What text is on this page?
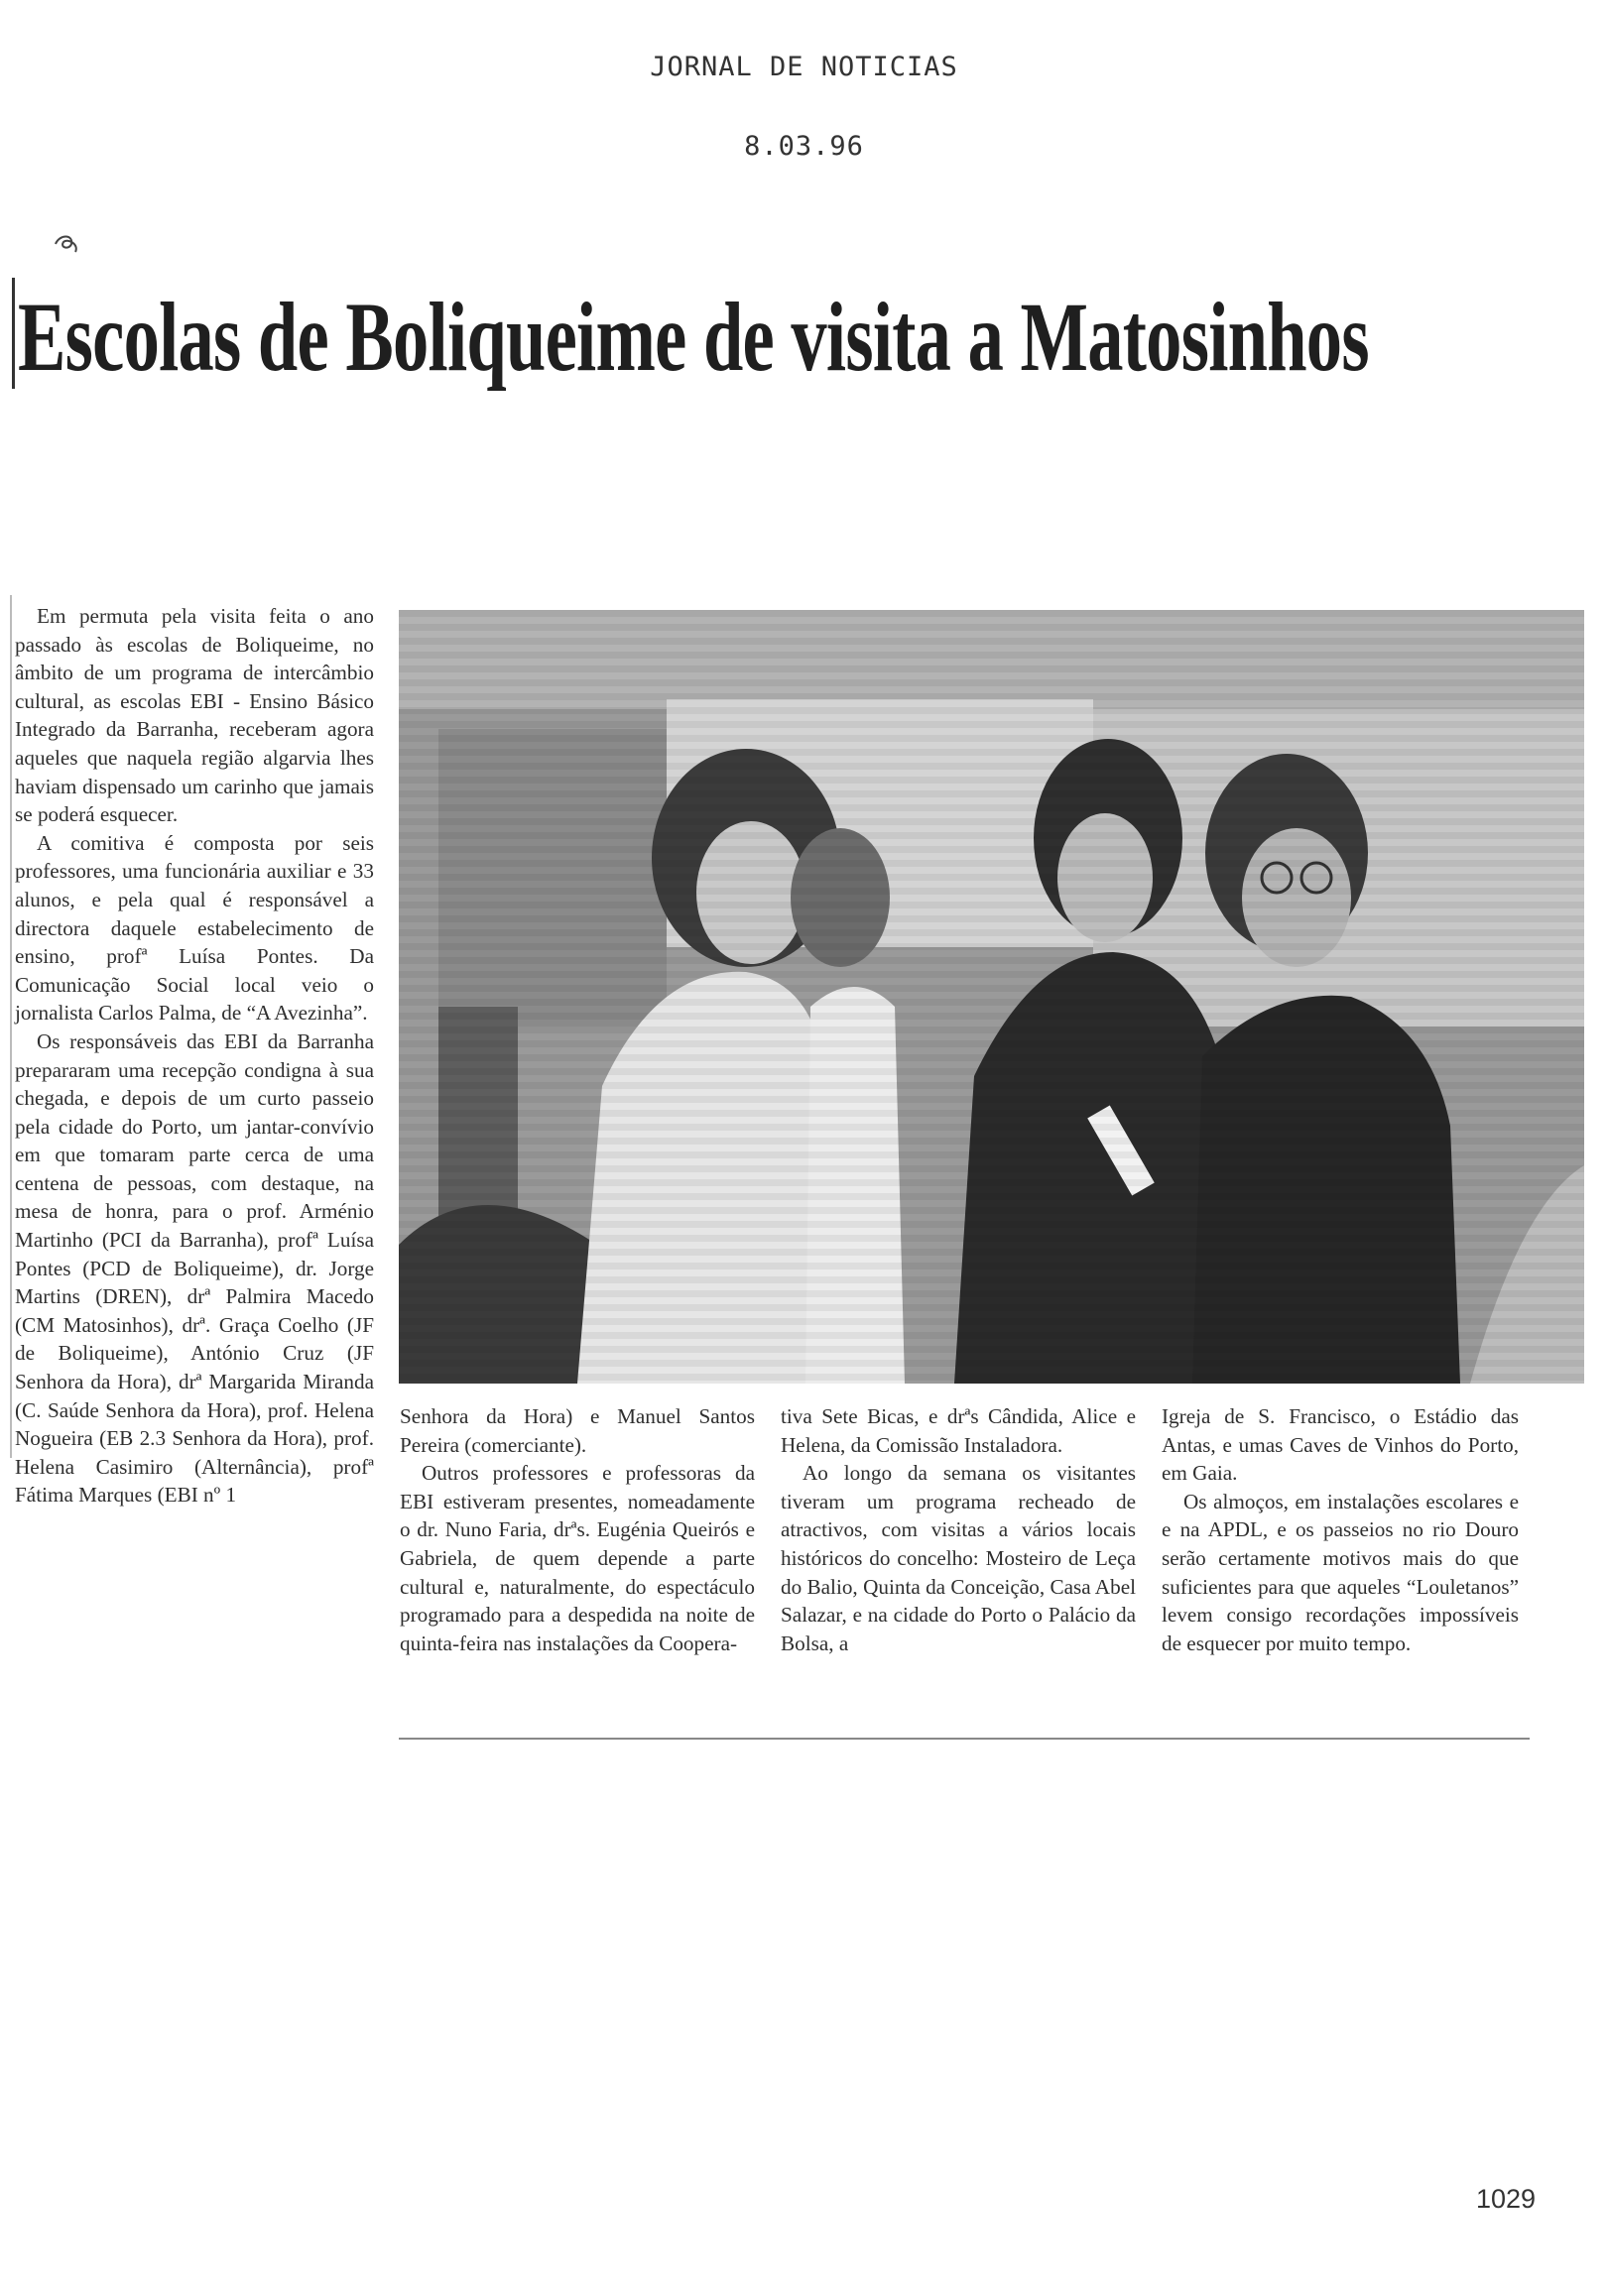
JORNAL DE NOTICIAS
8.03.96
Escolas de Boliqueime de visita a Matosinhos

Em permuta pela visita feita o ano passado às escolas de Boliqueime, no âmbito de um programa de intercâmbio cultural, as escolas EBI - Ensino Básico Integrado da Barranha, receberam agora aqueles que naquela região algarvia lhes haviam dispensado um carinho que jamais se poderá esquecer.

A comitiva é composta por seis professores, uma funcionária auxiliar e 33 alunos, e pela qual é responsável a directora daquele estabelecimento de ensino, profª Luísa Pontes. Da Comunicação Social local veio o jornalista Carlos Palma, de “A Avezinha”.

Os responsáveis das EBI da Barranha prepararam uma recepção condigna à sua chegada, e depois de um curto passeio pela cidade do Porto, um jantar-convívio em que tomaram parte cerca de uma centena de pessoas, com destaque, na mesa de honra, para o prof. Arménio Martinho (PCI da Barranha), profª Luísa Pontes (PCD de Boliqueime), dr. Jorge Martins (DREN), drª Palmira Macedo (CM Matosinhos), drª. Graça Coelho (JF de Boliqueime), António Cruz (JF Senhora da Hora), drª Margarida Miranda (C. Saúde Senhora da Hora), prof. Helena Nogueira (EB 2.3 Senhora da Hora), prof. Helena Casimiro (Alternância), profª Fátima Marques (EBI nº 1

Senhora da Hora) e Manuel Santos Pereira (comerciante).

Outros professores e professoras da EBI estiveram presentes, nomeadamente o dr. Nuno Faria, drªs. Eugénia Queirós e Gabriela, de quem depende a parte cultural e, naturalmente, do espectáculo programado para a despedida na noite de quinta-feira nas instalações da Coopera-

tiva Sete Bicas, e drªs Cândida, Alice e Helena, da Comissão Instaladora.

Ao longo da semana os visitantes tiveram um programa recheado de atractivos, com visitas a vários locais históricos do concelho: Mosteiro de Leça do Balio, Quinta da Conceição, Casa Abel Salazar, e na cidade do Porto o Palácio da Bolsa, a

Igreja de S. Francisco, o Estádio das Antas, e umas Caves de Vinhos do Porto, em Gaia.

Os almoços, em instalações escolares e e na APDL, e os passeios no rio Douro serão certamente motivos mais do que suficientes para que aqueles “Louletanos” levem consigo recordações impossíveis de esquecer por muito tempo.

1029
